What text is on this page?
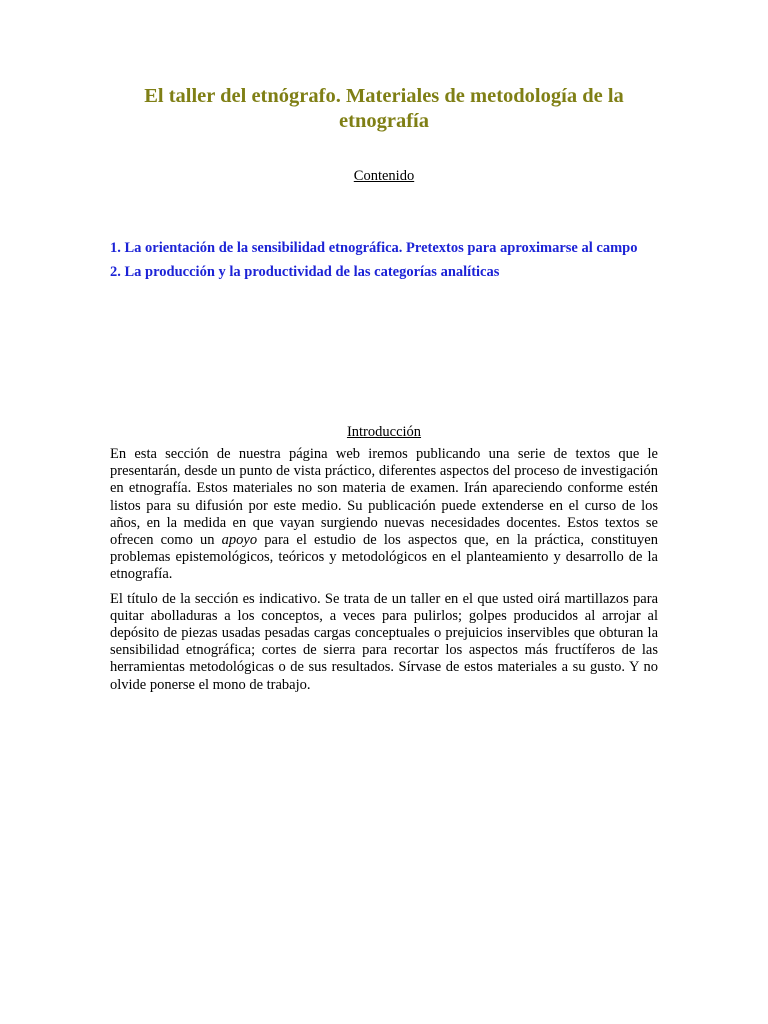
El taller del etnógrafo. Materiales de metodología de la etnografía
Contenido
1. La orientación de la sensibilidad etnográfica. Pretextos para aproximarse al campo
2. La producción y la productividad de las categorías analíticas
Introducción

En esta sección de nuestra página web iremos publicando una serie de textos que le presentarán, desde un punto de vista práctico, diferentes aspectos del proceso de investigación en etnografía. Estos materiales no son materia de examen. Irán apareciendo conforme estén listos para su difusión por este medio. Su publicación puede extenderse en el curso de los años, en la medida en que vayan surgiendo nuevas necesidades docentes. Estos textos se ofrecen como un apoyo para el estudio de los aspectos que, en la práctica, constituyen problemas epistemológicos, teóricos y metodológicos en el planteamiento y desarrollo de la etnografía.

El título de la sección es indicativo. Se trata de un taller en el que usted oirá martillazos para quitar abolladuras a los conceptos, a veces para pulirlos; golpes producidos al arrojar al depósito de piezas usadas pesadas cargas conceptuales o prejuicios inservibles que obturan la sensibilidad etnográfica; cortes de sierra para recortar los aspectos más fructíferos de las herramientas metodológicas o de sus resultados. Sírvase de estos materiales a su gusto. Y no olvide ponerse el mono de trabajo.
